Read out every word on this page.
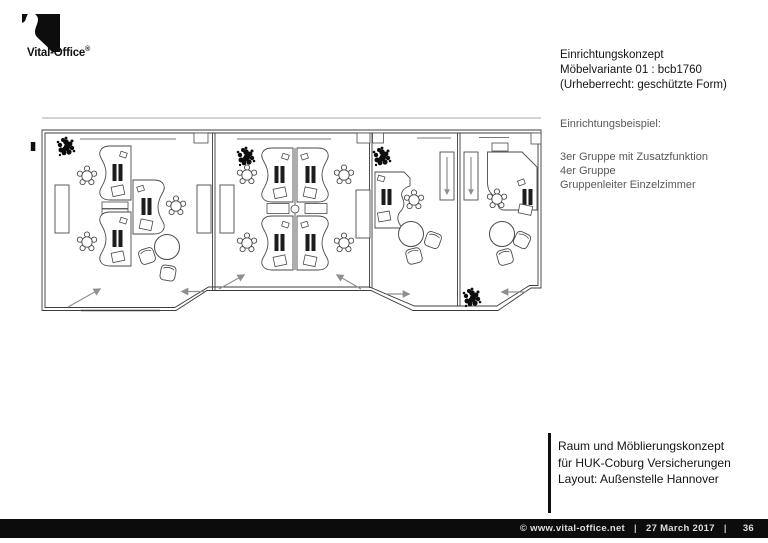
Vital-Office®	Einrichtungskonzept
Möbelvariante 01 : bcb1760
(Urheberrecht: geschützte Form)
Einrichtungsbeispiel:
3er Gruppe mit Zusatzfunktion
4er Gruppe
Gruppenleiter Einzelzimmer
Raum und Möblierungskonzept
für HUK-Coburg Versicherungen
Layout: Außenstelle Hannover
© www.vital-office.net | 27 March 2017 | 36
